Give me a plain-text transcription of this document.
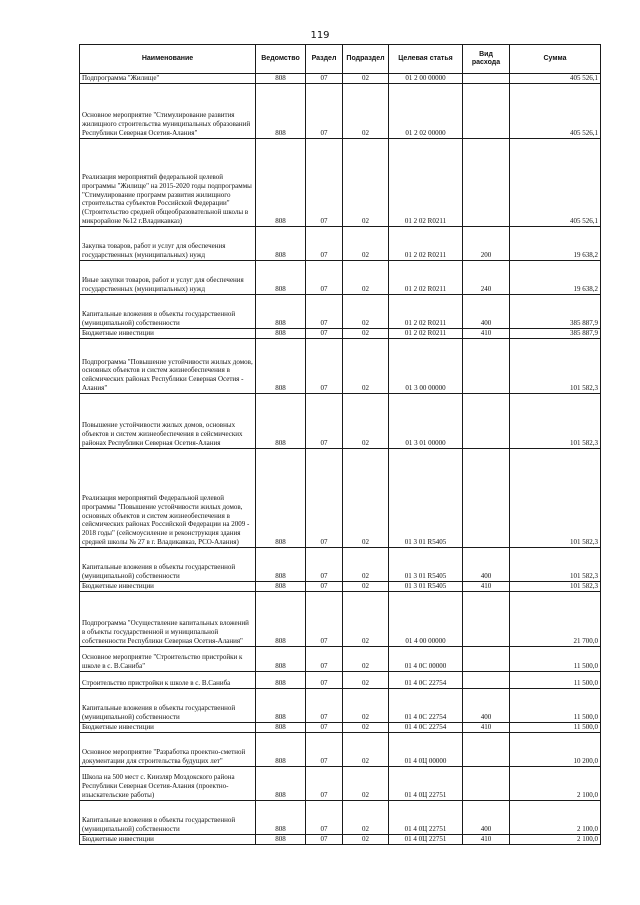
119
Наименование	Ведомство	Раздел	Подраздел	Целевая статья	Вид расхода	Сумма
Подпрограмма "Жилище"	808	07	02	01 2 00 00000		405 526,1
Основное мероприятие "Стимулирование развития жилищного строительства муниципальных образований Республики Северная Осетия-Алания"	808	07	02	01 2 02 00000		405 526,1
Реализация мероприятий федеральной целевой программы "Жилище" на 2015-2020 годы подпрограммы "Стимулирование программ развития жилищного строительства субъектов Российской Федерации" (Строительство средней общеобразовательной школы в микрорайоне №12 г.Владикавказ)	808	07	02	01 2 02 R0211		405 526,1
Закупка товаров, работ и услуг для обеспечения государственных (муниципальных) нужд	808	07	02	01 2 02 R0211	200	19 638,2
Иные закупки товаров, работ и услуг для обеспечения государственных (муниципальных) нужд	808	07	02	01 2 02 R0211	240	19 638,2
Капитальные вложения в объекты государственной (муниципальной) собственности	808	07	02	01 2 02 R0211	400	385 887,9
Бюджетные инвестиции	808	07	02	01 2 02 R0211	410	385 887,9
Подпрограмма "Повышение устойчивости жилых домов, основных объектов и систем жизнеобеспечения в сейсмических районах Республики Северная Осетия - Алания"	808	07	02	01 3 00 00000		101 582,3
Повышение устойчивости жилых домов, основных объектов и систем жизнеобеспечения в сейсмических районах Республики Северная Осетия-Алания	808	07	02	01 3 01 00000		101 582,3
Реализация мероприятий Федеральной целевой программы "Повышение устойчивости жилых домов, основных объектов и систем жизнеобеспечения в сейсмических районах Российской Федерации на 2009 - 2018 годы" (сейсмоусиление и реконструкция здания средней школы № 27 в г. Владикавказ, РСО-Алания)	808	07	02	01 3 01 R5405		101 582,3
Капитальные вложения в объекты государственной (муниципальной) собственности	808	07	02	01 3 01 R5405	400	101 582,3
Бюджетные инвестиции	808	07	02	01 3 01 R5405	410	101 582,3
Подпрограмма "Осуществление капитальных вложений в объекты государственной и муниципальной собственности Республики Северная Осетия-Алания"	808	07	02	01 4 00 00000		21 700,0
Основное мероприятие "Строительство пристройки к школе в с. В.Саниба"	808	07	02	01 4 0С 00000		11 500,0
Строительство пристройки к школе в с. В.Саниба	808	07	02	01 4 0С 22754		11 500,0
Капитальные вложения в объекты государственной (муниципальной) собственности	808	07	02	01 4 0С 22754	400	11 500,0
Бюджетные инвестиции	808	07	02	01 4 0С 22754	410	11 500,0
Основное мероприятие "Разработка проектно-сметной документации для строительства будущих лет"	808	07	02	01 4 0Ц 00000		10 200,0
Школа на 500 мест с. Киизляр Моздокского района Республики Северная Осетия-Алания (проектно-изыскательские работы)	808	07	02	01 4 0Ц 22751		2 100,0
Капитальные вложения в объекты государственной (муниципальной) собственности	808	07	02	01 4 0Ц 22751	400	2 100,0
Бюджетные инвестиции	808	07	02	01 4 0Ц 22751	410	2 100,0
